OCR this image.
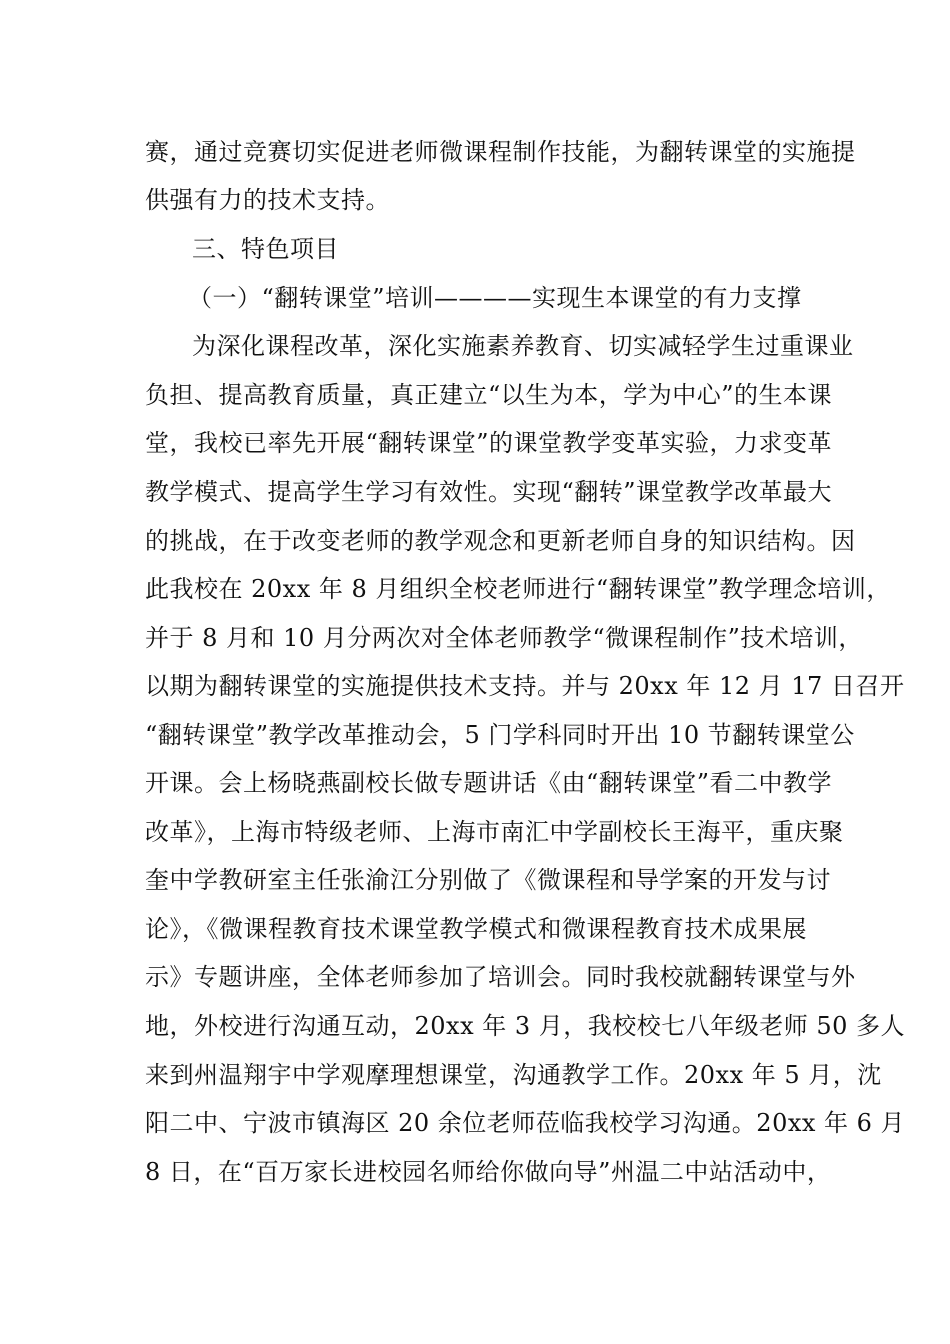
赛，通过竞赛切实促进老师微课程制作技能，为翻转课堂的实施提
供强有力的技术支持。
三、特色项目
（一）“翻转课堂”培训————实现生本课堂的有力支撑
为深化课程改革，深化实施素养教育、切实减轻学生过重课业
负担、提高教育质量，真正建立“以生为本，学为中心”的生本课
堂，我校已率先开展“翻转课堂”的课堂教学变革实验，力求变革
教学模式、提高学生学习有效性。实现“翻转”课堂教学改革最大
的挑战，在于改变老师的教学观念和更新老师自身的知识结构。因
此我校在 20xx 年 8 月组织全校老师进行“翻转课堂”教学理念培训，
并于 8 月和 10 月分两次对全体老师教学“微课程制作”技术培训，
以期为翻转课堂的实施提供技术支持。并与 20xx 年 12 月 17 日召开
“翻转课堂”教学改革推动会，5 门学科同时开出 10 节翻转课堂公
开课。会上杨晓燕副校长做专题讲话《由“翻转课堂”看二中教学
改革》，上海市特级老师、上海市南汇中学副校长王海平，重庆聚
奎中学教研室主任张渝江分别做了《微课程和导学案的开发与讨
论》，《微课程教育技术课堂教学模式和微课程教育技术成果展
示》专题讲座，全体老师参加了培训会。同时我校就翻转课堂与外
地，外校进行沟通互动，20xx 年 3 月，我校校七八年级老师 50 多人
来到州温翔宇中学观摩理想课堂，沟通教学工作。20xx 年 5 月，沈
阳二中、宁波市镇海区 20 余位老师莅临我校学习沟通。20xx 年 6 月
8 日，在“百万家长进校园名师给你做向导”州温二中站活动中，
